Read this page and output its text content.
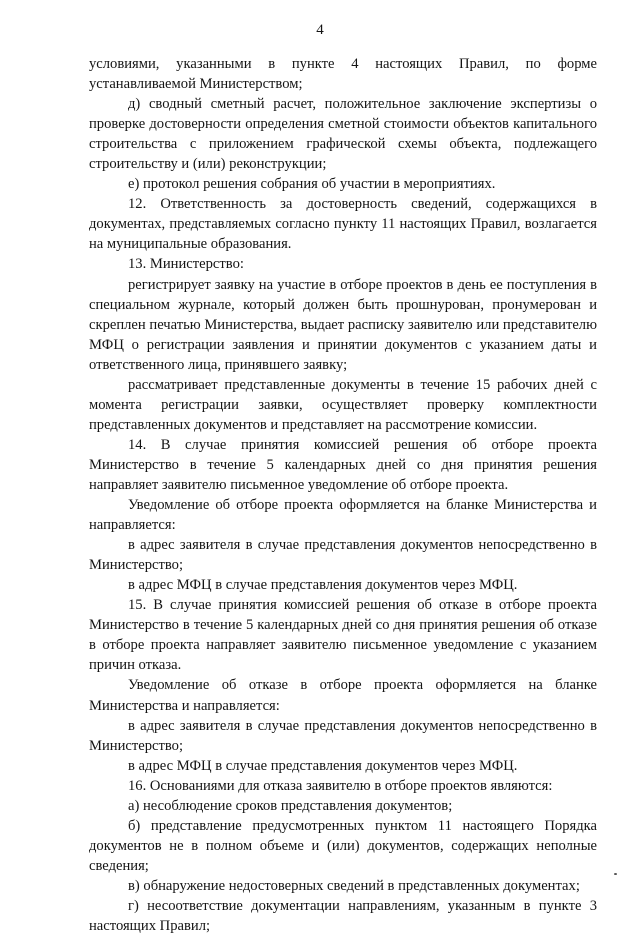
4

условиями, указанными в пункте 4 настоящих Правил, по форме устанавливаемой Министерством;

д) сводный сметный расчет, положительное заключение экспертизы о проверке достоверности определения сметной стоимости объектов капитального строительства с приложением графической схемы объекта, подлежащего строительству и (или) реконструкции;

е) протокол решения собрания об участии в мероприятиях.

12. Ответственность за достоверность сведений, содержащихся в документах, представляемых согласно пункту 11 настоящих Правил, возлагается на муниципальные образования.

13. Министерство:

регистрирует заявку на участие в отборе проектов в день ее поступления в специальном журнале, который должен быть прошнурован, пронумерован и скреплен печатью Министерства, выдает расписку заявителю или представителю МФЦ о регистрации заявления и принятии документов с указанием даты и ответственного лица, принявшего заявку;

рассматривает представленные документы в течение 15 рабочих дней с момента регистрации заявки, осуществляет проверку комплектности представленных документов и представляет на рассмотрение комиссии.

14. В случае принятия комиссией решения об отборе проекта Министерство в течение 5 календарных дней со дня принятия решения направляет заявителю письменное уведомление об отборе проекта.

Уведомление об отборе проекта оформляется на бланке Министерства и направляется:

в адрес заявителя в случае представления документов непосредственно в Министерство;

в адрес МФЦ в случае представления документов через МФЦ.

15. В случае принятия комиссией решения об отказе в отборе проекта Министерство в течение 5 календарных дней со дня принятия решения об отказе в отборе проекта направляет заявителю письменное уведомление с указанием причин отказа.

Уведомление об отказе в отборе проекта оформляется на бланке Министерства и направляется:

в адрес заявителя в случае представления документов непосредственно в Министерство;

в адрес МФЦ в случае представления документов через МФЦ.

16. Основаниями для отказа заявителю в отборе проектов являются:

а) несоблюдение сроков представления документов;

б) представление предусмотренных пунктом 11 настоящего Порядка документов не в полном объеме и (или) документов, содержащих неполные сведения;

в) обнаружение недостоверных сведений в представленных документах;

г) несоответствие документации направлениям, указанным в пункте 3 настоящих Правил;
